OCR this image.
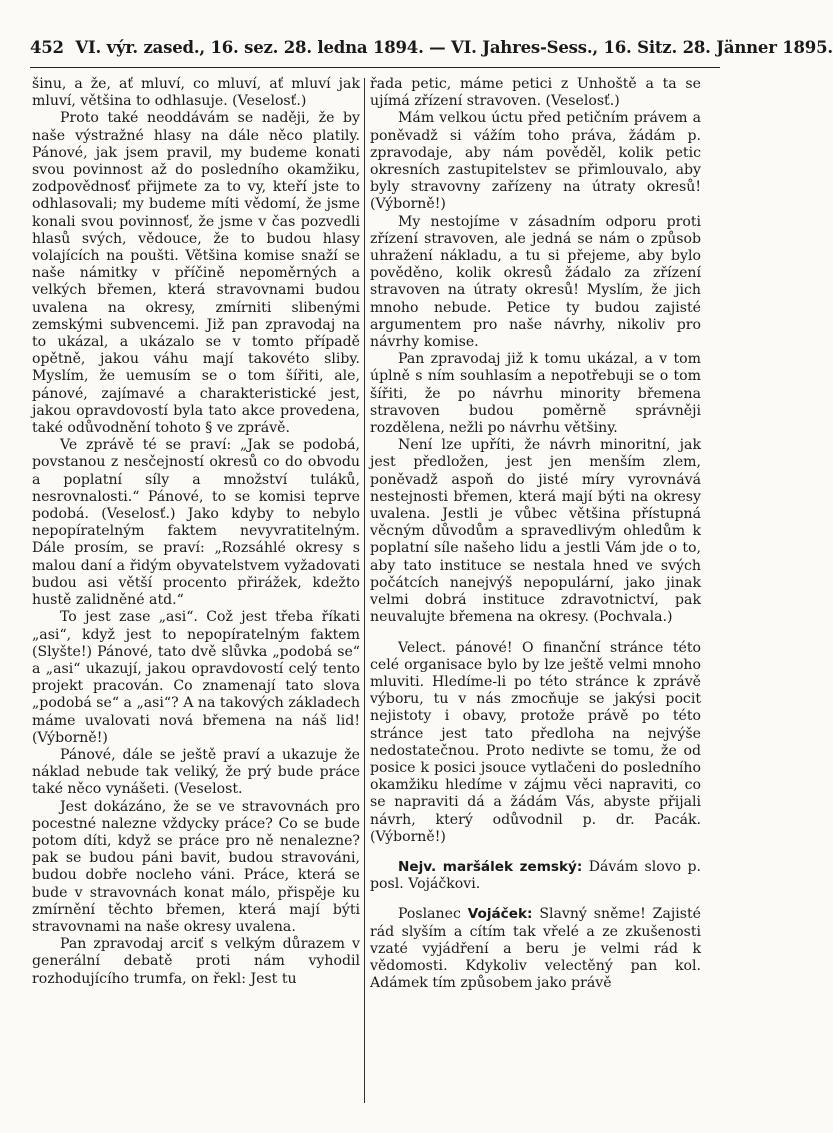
452 VI. výr. zased., 16. sez. 28. ledna 1894. — VI. Jahres-Sess., 16. Sitz. 28. Jänner 1895.

šinu, a že, ať mluví, co mluví, ať mluví jak mluví, většina to odhlasuje. (Veselosť.)

Proto také neoddávám se naději, že by naše výstražné hlasy na dále něco platily. Pánové, jak jsem pravil, my budeme konati svou povinnost až do posledního okamžiku, zodpovědnosť přijmete za to vy, kteří jste to odhlasovali; my budeme míti vědomí, že jsme konali svou povinnosť, že jsme v čas pozvedli hlasů svých, vědouce, že to budou hlasy volajících na poušti. Většina komise snaží se naše námitky v příčině nepoměrných a velkých břemen, která stravovnami budou uvalena na okresy, zmírniti slibenými zemskými subvencemi. Již pan zpravodaj na to ukázal, a ukázalo se v tomto případě opětně, jakou váhu mají takovéto sliby. Myslím, že uemusím se o tom šířiti, ale, pánové, zajímavé a charakteristické jest, jakou opravdovostí byla tato akce provedena, také odůvodnění tohoto § ve zprávě.

Ve zprávě té se praví: „Jak se podobá, povstanou z nesčejností okresů co do obvodu a poplatní síly a množství tuláků, nesrovnalosti.“ Pánové, to se komisi teprve podobá. (Veselosť.) Jako kdyby to nebylo nepopíratelným faktem nevyvratitelným. Dále prosím, se praví: „Rozsáhlé okresy s malou daní a řidým obyvatelstvem vyžadovati budou asi větší procento přirážek, kdežto hustě zalidněné atd.“

To jest zase „asi“. Což jest třeba říkati „asi“, když jest to nepopíratelným faktem (Slyšte!) Pánové, tato dvě slůvka „podobá se“ a „asi“ ukazují, jakou opravdovostí celý tento projekt pracován. Co znamenají tato slova „podobá se“ a „asi“? A na takových základech máme uvalovati nová břemena na náš lid! (Výborně!)

Pánové, dále se ještě praví a ukazuje že náklad nebude tak veliký, že prý bude práce také něco vynášeti. (Veselost.

Jest dokázáno, že se ve stravovnách pro pocestné nalezne vždycky práce? Co se bude potom díti, když se práce pro ně nenalezne? pak se budou páni bavit, budou stravováni, budou dobře nocleho váni. Práce, která se bude v stravovnách konat málo, přispěje ku zmírnění těchto břemen, která mají býti stravovnami na naše okresy uvalena.

Pan zpravodaj arciť s velkým důrazem v generální debatě proti nám vyhodil rozhodujícího trumfa, on řekl: Jest tu

řada petic, máme petici z Unhoště a ta se ujímá zřízení stravoven. (Veselosť.)

Mám velkou úctu před petičním právem a poněvadž si vážím toho práva, žádám p. zpravodaje, aby nám pověděl, kolik petic okresních zastupitelstev se přimlouvalo, aby byly stravovny zařízeny na útraty okresů! (Výborně!)

My nestojíme v zásadním odporu proti zřízení stravoven, ale jedná se nám o způsob uhražení nákladu, a tu si přejeme, aby bylo pověděno, kolik okresů žádalo za zřízení stravoven na útraty okresů! Myslím, že jich mnoho nebude. Petice ty budou zajisté argumentem pro naše návrhy, nikoliv pro návrhy komise.

Pan zpravodaj již k tomu ukázal, a v tom úplně s ním souhlasím a nepotřebuji se o tom šířiti, že po návrhu minority břemena stravoven budou poměrně správněji rozdělena, nežli po návrhu většiny.

Není lze upříti, že návrh minoritní, jak jest předložen, jest jen menším zlem, poněvadž aspoň do jisté míry vyrovnává nestejnosti břemen, která mají býti na okresy uvalena. Jestli je vůbec většina přístupná věcným důvodům a spravedlivým ohledům k poplatní síle našeho lidu a jestli Vám jde o to, aby tato instituce se nestala hned ve svých počátcích nanejvýš nepopulární, jako jinak velmi dobrá instituce zdravotnictví, pak neuvalujte břemena na okresy. (Pochvala.)

Velect. pánové! O finanční stránce této celé organisace bylo by lze ještě velmi mnoho mluviti. Hledíme-li po této stránce k zprávě výboru, tu v nás zmocňuje se jakýsi pocit nejistoty i obavy, protože právě po této stránce jest tato předloha na nejvýše nedostatečnou. Proto nedivte se tomu, že od posice k posici jsouce vytlačeni do posledního okamžiku hledíme v zájmu věci napraviti, co se napraviti dá a žádám Vás, abyste přijali návrh, který odůvodnil p. dr. Pacák. (Výborně!)

Nejv. maršálek zemský: Dávám slovo p. posl. Vojáčkovi.

Poslanec Vojáček: Slavný sněme! Zajisté rád slyším a cítím tak vřelé a ze zkušenosti vzaté vyjádření a beru je velmi rád k vědomosti. Kdykoliv velectěný pan kol. Adámek tím způsobem jako právě
